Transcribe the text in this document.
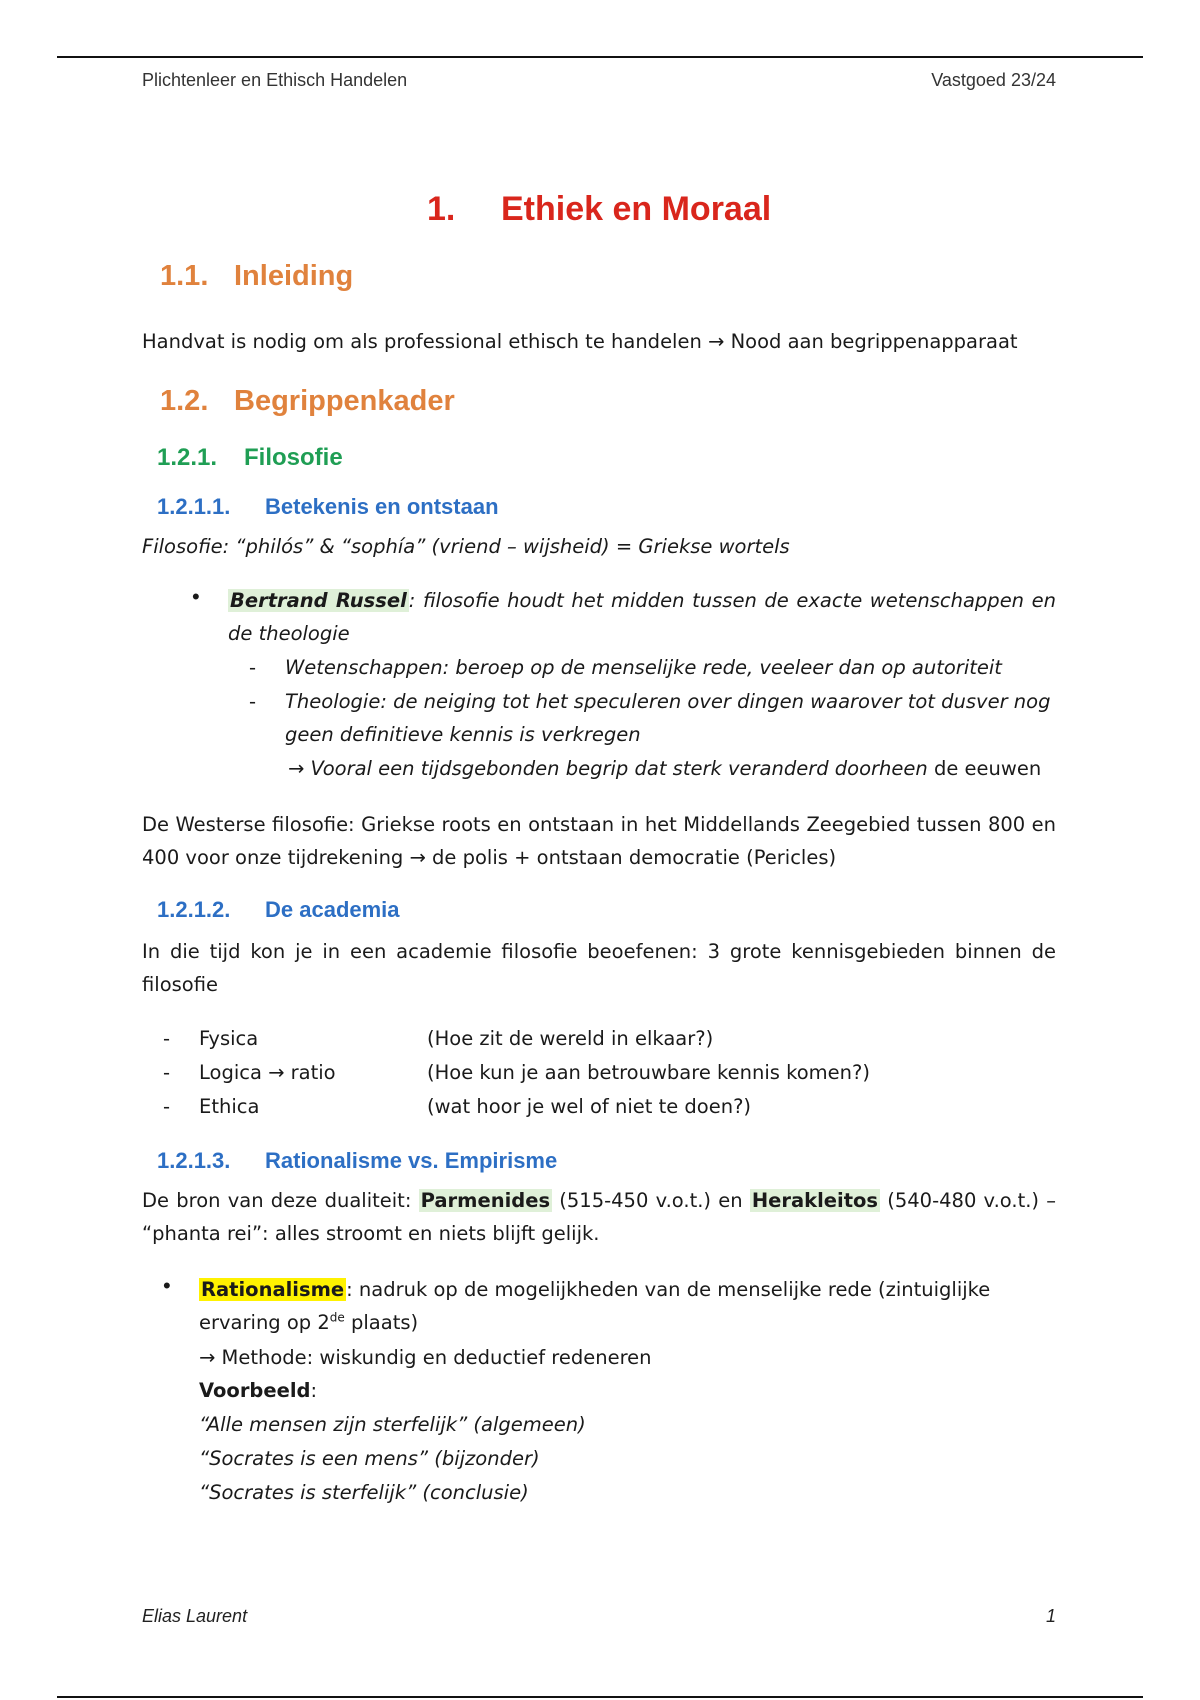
Plichtenleer en Ethisch Handelen	Vastgoed 23/24
1. Ethiek en Moraal
1.1. Inleiding
Handvat is nodig om als professional ethisch te handelen → Nood aan begrippenapparaat
1.2. Begrippenkader
1.2.1. Filosofie
1.2.1.1. Betekenis en ontstaan
Filosofie: “philós” & “sophía” (vriend – wijsheid) = Griekse wortels
• Bertrand Russel : filosofie houdt het midden tussen de exacte wetenschappen en de theologie
- Wetenschappen: beroep op de menselijke rede, veeleer dan op autoriteit
- Theologie: de neiging tot het speculeren over dingen waarover tot dusver nog geen definitieve kennis is verkregen
→ Vooral een tijdsgebonden begrip dat sterk veranderd doorheen de eeuwen
De Westerse filosofie: Griekse roots en ontstaan in het Middellands Zeegebied tussen 800 en 400 voor onze tijdrekening → de polis + ontstaan democratie (Pericles)
1.2.1.2. De academia
In die tijd kon je in een academie filosofie beoefenen: 3 grote kennisgebieden binnen de filosofie
- Fysica	(Hoe zit de wereld in elkaar?)
- Logica → ratio	(Hoe kun je aan betrouwbare kennis komen?)
- Ethica	(wat hoor je wel of niet te doen?)
1.2.1.3. Rationalisme vs. Empirisme
De bron van deze dualiteit: Parmenides (515-450 v.o.t.) en Herakleitos (540-480 v.o.t.) – “phanta rei”: alles stroomt en niets blijft gelijk.
• Rationalisme : nadruk op de mogelijkheden van de menselijke rede (zintuiglijke ervaring op 2de plaats)
→ Methode: wiskundig en deductief redeneren
Voorbeeld:
“Alle mensen zijn sterfelijk” (algemeen)
“Socrates is een mens” (bijzonder)
“Socrates is sterfelijk” (conclusie)
Elias Laurent	1
